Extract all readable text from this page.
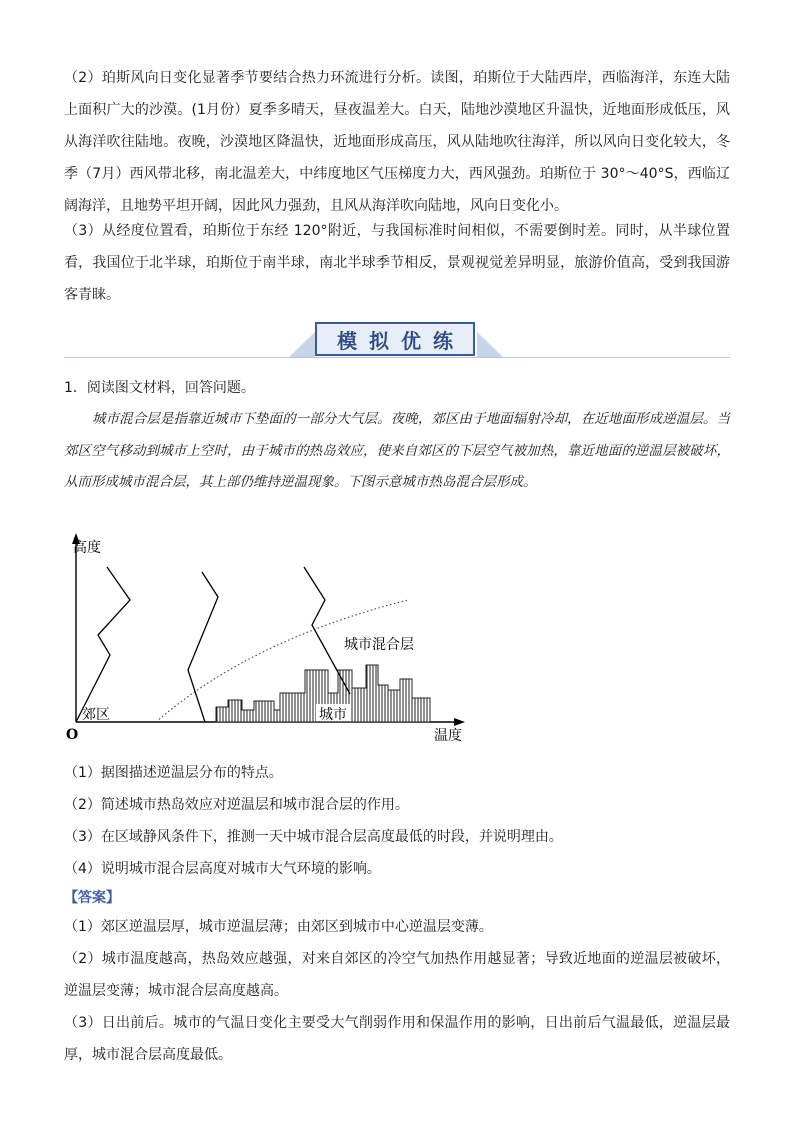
（2）珀斯风向日变化显著季节要结合热力环流进行分析。读图，珀斯位于大陆西岸，西临海洋，东连大陆上面积广大的沙漠。(1月份）夏季多晴天，昼夜温差大。白天，陆地沙漠地区升温快，近地面形成低压，风从海洋吹往陆地。夜晚，沙漠地区降温快，近地面形成高压，风从陆地吹往海洋，所以风向日变化较大，冬季（7月）西风带北移，南北温差大，中纬度地区气压梯度力大，西风强劲。珀斯位于 30°～40°S，西临辽阔海洋，且地势平坦开阔，因此风力强劲，且风从海洋吹向陆地，风向日变化小。

（3）从经度位置看，珀斯位于东经 120°附近，与我国标准时间相似，不需要倒时差。同时，从半球位置看，我国位于北半球，珀斯位于南半球，南北半球季节相反，景观视觉差异明显，旅游价值高，受到我国游客青睐。

模拟优练

1．阅读图文材料，回答问题。

城市混合层是指靠近城市下垫面的一部分大气层。夜晚，郊区由于地面辐射冷却，在近地面形成逆温层。当郊区空气移动到城市上空时，由于城市的热岛效应，使来自郊区的下层空气被加热，靠近地面的逆温层被破坏，从而形成城市混合层，其上部仍维持逆温现象。下图示意城市热岛混合层形成。

高度
温度
O
郊区	城市
城市混合层

（1）据图描述逆温层分布的特点。

（2）简述城市热岛效应对逆温层和城市混合层的作用。

（3）在区域静风条件下，推测一天中城市混合层高度最低的时段，并说明理由。

（4）说明城市混合层高度对城市大气环境的影响。

【答案】

（1）郊区逆温层厚，城市逆温层薄；由郊区到城市中心逆温层变薄。

（2）城市温度越高，热岛效应越强，对来自郊区的冷空气加热作用越显著；导致近地面的逆温层被破坏，逆温层变薄；城市混合层高度越高。

（3）日出前后。城市的气温日变化主要受大气削弱作用和保温作用的影响，日出前后气温最低，逆温层最厚，城市混合层高度最低。
